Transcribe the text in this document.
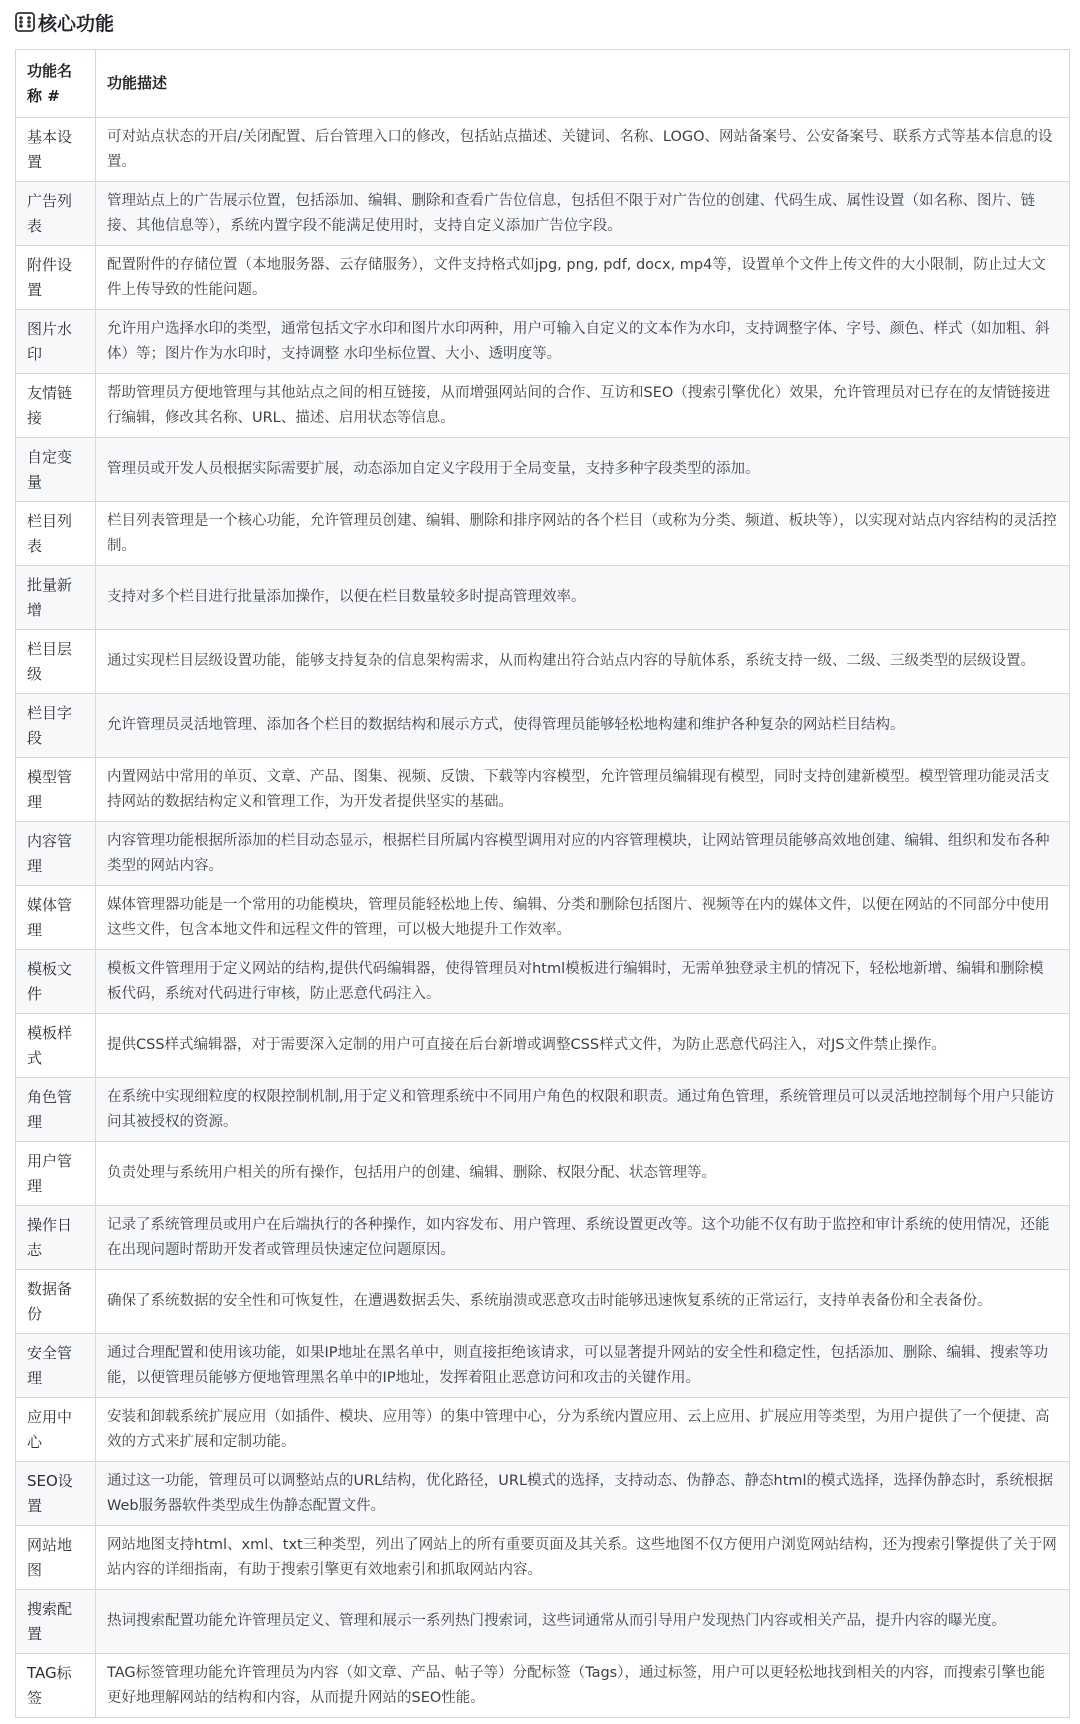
核心功能
功能名称 #	功能描述
基本设置	可对站点状态的开启/关闭配置、后台管理入口的修改，包括站点描述、关键词、名称、LOGO、网站备案号、公安备案号、联系方式等基本信息的设置。
广告列表	管理站点上的广告展示位置，包括添加、编辑、删除和查看广告位信息，包括但不限于对广告位的创建、代码生成、属性设置（如名称、图片、链接、其他信息等），系统内置字段不能满足使用时，支持自定义添加广告位字段。
附件设置	配置附件的存储位置（本地服务器、云存储服务），文件支持格式如jpg, png, pdf, docx, mp4等，设置单个文件上传文件的大小限制，防止过大文件上传导致的性能问题。
图片水印	允许用户选择水印的类型，通常包括文字水印和图片水印两种，用户可输入自定义的文本作为水印，支持调整字体、字号、颜色、样式（如加粗、斜体）等；图片作为水印时，支持调整 水印坐标位置、大小、透明度等。
友情链接	帮助管理员方便地管理与其他站点之间的相互链接，从而增强网站间的合作、互访和SEO（搜索引擎优化）效果，允许管理员对已存在的友情链接进行编辑，修改其名称、URL、描述、启用状态等信息。
自定变量	管理员或开发人员根据实际需要扩展，动态添加自定义字段用于全局变量，支持多种字段类型的添加。
栏目列表	栏目列表管理是一个核心功能，允许管理员创建、编辑、删除和排序网站的各个栏目（或称为分类、频道、板块等），以实现对站点内容结构的灵活控制。
批量新增	支持对多个栏目进行批量添加操作，以便在栏目数量较多时提高管理效率。
栏目层级	通过实现栏目层级设置功能，能够支持复杂的信息架构需求，从而构建出符合站点内容的导航体系，系统支持一级、二级、三级类型的层级设置。
栏目字段	允许管理员灵活地管理、添加各个栏目的数据结构和展示方式，使得管理员能够轻松地构建和维护各种复杂的网站栏目结构。
模型管理	内置网站中常用的单页、文章、产品、图集、视频、反馈、下载等内容模型，允许管理员编辑现有模型，同时支持创建新模型。模型管理功能灵活支持网站的数据结构定义和管理工作，为开发者提供坚实的基础。
内容管理	内容管理功能根据所添加的栏目动态显示，根据栏目所属内容模型调用对应的内容管理模块，让网站管理员能够高效地创建、编辑、组织和发布各种类型的网站内容。
媒体管理	媒体管理器功能是一个常用的功能模块，管理员能轻松地上传、编辑、分类和删除包括图片、视频等在内的媒体文件，以便在网站的不同部分中使用这些文件，包含本地文件和远程文件的管理，可以极大地提升工作效率。
模板文件	模板文件管理用于定义网站的结构,提供代码编辑器，使得管理员对html模板进行编辑时，无需单独登录主机的情况下，轻松地新增、编辑和删除模板代码，系统对代码进行审核，防止恶意代码注入。
模板样式	提供CSS样式编辑器，对于需要深入定制的用户可直接在后台新增或调整CSS样式文件，为防止恶意代码注入，对JS文件禁止操作。
角色管理	在系统中实现细粒度的权限控制机制,用于定义和管理系统中不同用户角色的权限和职责。通过角色管理，系统管理员可以灵活地控制每个用户只能访问其被授权的资源。
用户管理	负责处理与系统用户相关的所有操作，包括用户的创建、编辑、删除、权限分配、状态管理等。
操作日志	记录了系统管理员或用户在后端执行的各种操作，如内容发布、用户管理、系统设置更改等。这个功能不仅有助于监控和审计系统的使用情况，还能在出现问题时帮助开发者或管理员快速定位问题原因。
数据备份	确保了系统数据的安全性和可恢复性，在遭遇数据丢失、系统崩溃或恶意攻击时能够迅速恢复系统的正常运行，支持单表备份和全表备份。
安全管理	通过合理配置和使用该功能，如果IP地址在黑名单中，则直接拒绝该请求，可以显著提升网站的安全性和稳定性，包括添加、删除、编辑、搜索等功能，以便管理员能够方便地管理黑名单中的IP地址，发挥着阻止恶意访问和攻击的关键作用。
应用中心	安装和卸载系统扩展应用（如插件、模块、应用等）的集中管理中心，分为系统内置应用、云上应用、扩展应用等类型，为用户提供了一个便捷、高效的方式来扩展和定制功能。
SEO设置	通过这一功能，管理员可以调整站点的URL结构，优化路径，URL模式的选择，支持动态、伪静态、静态html的模式选择，选择伪静态时，系统根据Web服务器软件类型成生伪静态配置文件。
网站地图	网站地图支持html、xml、txt三种类型，列出了网站上的所有重要页面及其关系。这些地图不仅方便用户浏览网站结构，还为搜索引擎提供了关于网站内容的详细指南，有助于搜索引擎更有效地索引和抓取网站内容。
搜索配置	热词搜索配置功能允许管理员定义、管理和展示一系列热门搜索词，这些词通常从而引导用户发现热门内容或相关产品，提升内容的曝光度。
TAG标签	TAG标签管理功能允许管理员为内容（如文章、产品、帖子等）分配标签（Tags），通过标签，用户可以更轻松地找到相关的内容，而搜索引擎也能更好地理解网站的结构和内容，从而提升网站的SEO性能。
